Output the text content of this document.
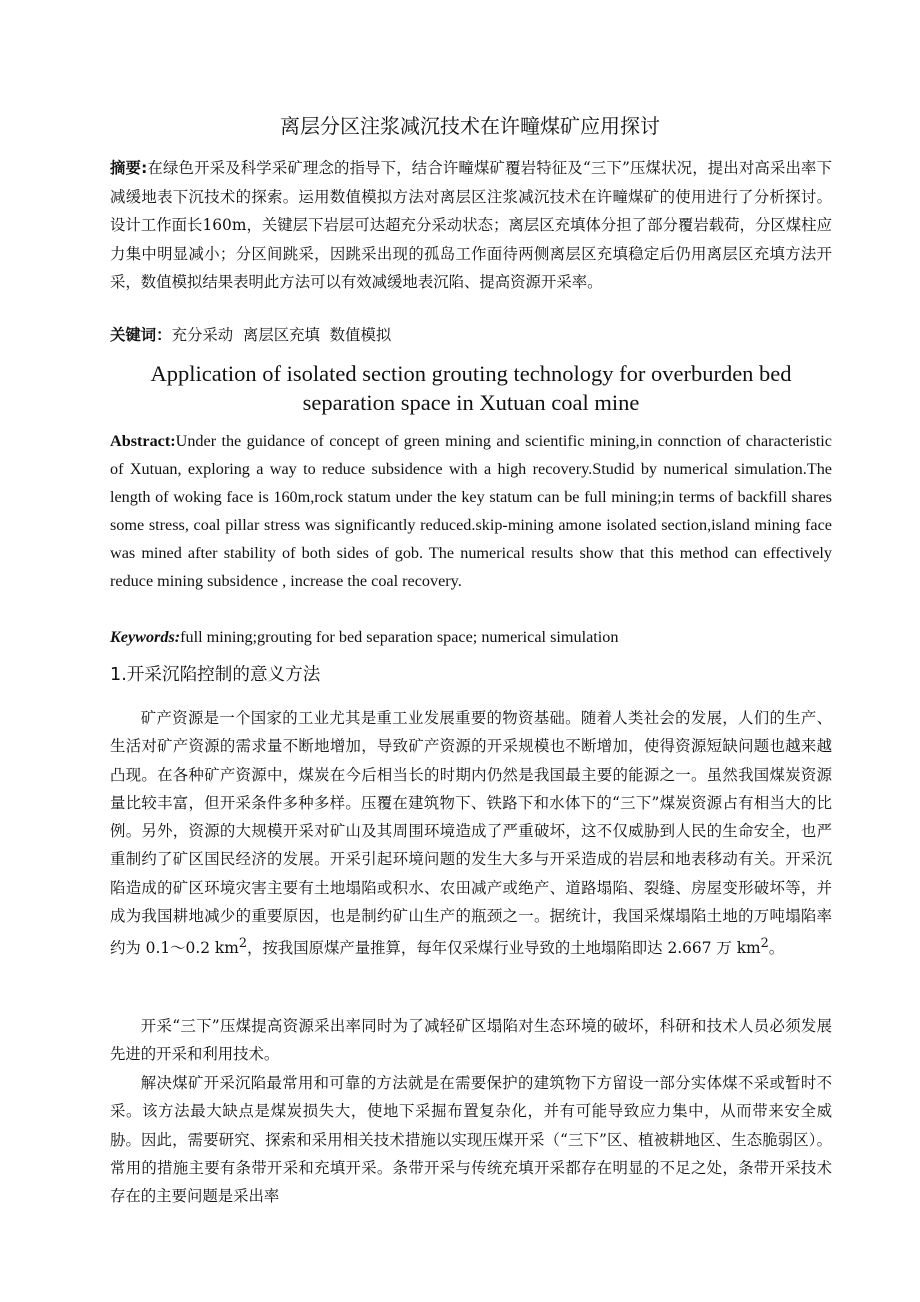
离层分区注浆减沉技术在许疃煤矿应用探讨

摘要:在绿色开采及科学采矿理念的指导下，结合许疃煤矿覆岩特征及“三下”压煤状况，提出对高采出率下减缓地表下沉技术的探索。运用数值模拟方法对离层区注浆减沉技术在许疃煤矿的使用进行了分析探讨。设计工作面长160m，关键层下岩层可达超充分采动状态；离层区充填体分担了部分覆岩载荷，分区煤柱应力集中明显减小；分区间跳采，因跳采出现的孤岛工作面待两侧离层区充填稳定后仍用离层区充填方法开采，数值模拟结果表明此方法可以有效减缓地表沉陷、提高资源开采率。

关键词：充分采动  离层区充填  数值模拟

Application of isolated section grouting technology for overburden bed separation space in Xutuan coal mine

Abstract:Under the guidance of concept of green mining and scientific mining,in connction of characteristic of Xutuan, exploring a way to reduce subsidence with a high recovery.Studid by numerical simulation.The length of woking face is 160m,rock statum under the key statum can be full mining;in terms of backfill shares some stress, coal pillar stress was significantly reduced.skip-mining amone isolated section,island mining face was mined after stability of both sides of gob. The numerical results show that this method can effectively reduce mining subsidence , increase the coal recovery.

Keywords:full mining;grouting for bed separation space; numerical simulation

1.开采沉陷控制的意义方法

矿产资源是一个国家的工业尤其是重工业发展重要的物资基础。随着人类社会的发展，人们的生产、生活对矿产资源的需求量不断地增加，导致矿产资源的开采规模也不断增加，使得资源短缺问题也越来越凸现。在各种矿产资源中，煤炭在今后相当长的时期内仍然是我国最主要的能源之一。虽然我国煤炭资源量比较丰富，但开采条件多种多样。压覆在建筑物下、铁路下和水体下的“三下”煤炭资源占有相当大的比例。另外，资源的大规模开采对矿山及其周围环境造成了严重破坏，这不仅威胁到人民的生命安全，也严重制约了矿区国民经济的发展。开采引起环境问题的发生大多与开采造成的岩层和地表移动有关。开采沉陷造成的矿区环境灾害主要有土地塌陷或积水、农田减产或绝产、道路塌陷、裂缝、房屋变形破坏等，并成为我国耕地减少的重要原因，也是制约矿山生产的瓶颈之一。据统计，我国采煤塌陷土地的万吨塌陷率约为 0.1～0.2 $km^2$，按我国原煤产量推算，每年仅采煤行业导致的土地塌陷即达 2.667 万 $km^2$。

开采“三下”压煤提高资源采出率同时为了减轻矿区塌陷对生态环境的破坏，科研和技术人员必须发展先进的开采和利用技术。

解决煤矿开采沉陷最常用和可靠的方法就是在需要保护的建筑物下方留设一部分实体煤不采或暂时不采。该方法最大缺点是煤炭损失大，使地下采掘布置复杂化，并有可能导致应力集中，从而带来安全威胁。因此，需要研究、探索和采用相关技术措施以实现压煤开采（“三下”区、植被耕地区、生态脆弱区）。常用的措施主要有条带开采和充填开采。条带开采与传统充填开采都存在明显的不足之处，条带开采技术存在的主要问题是采出率
